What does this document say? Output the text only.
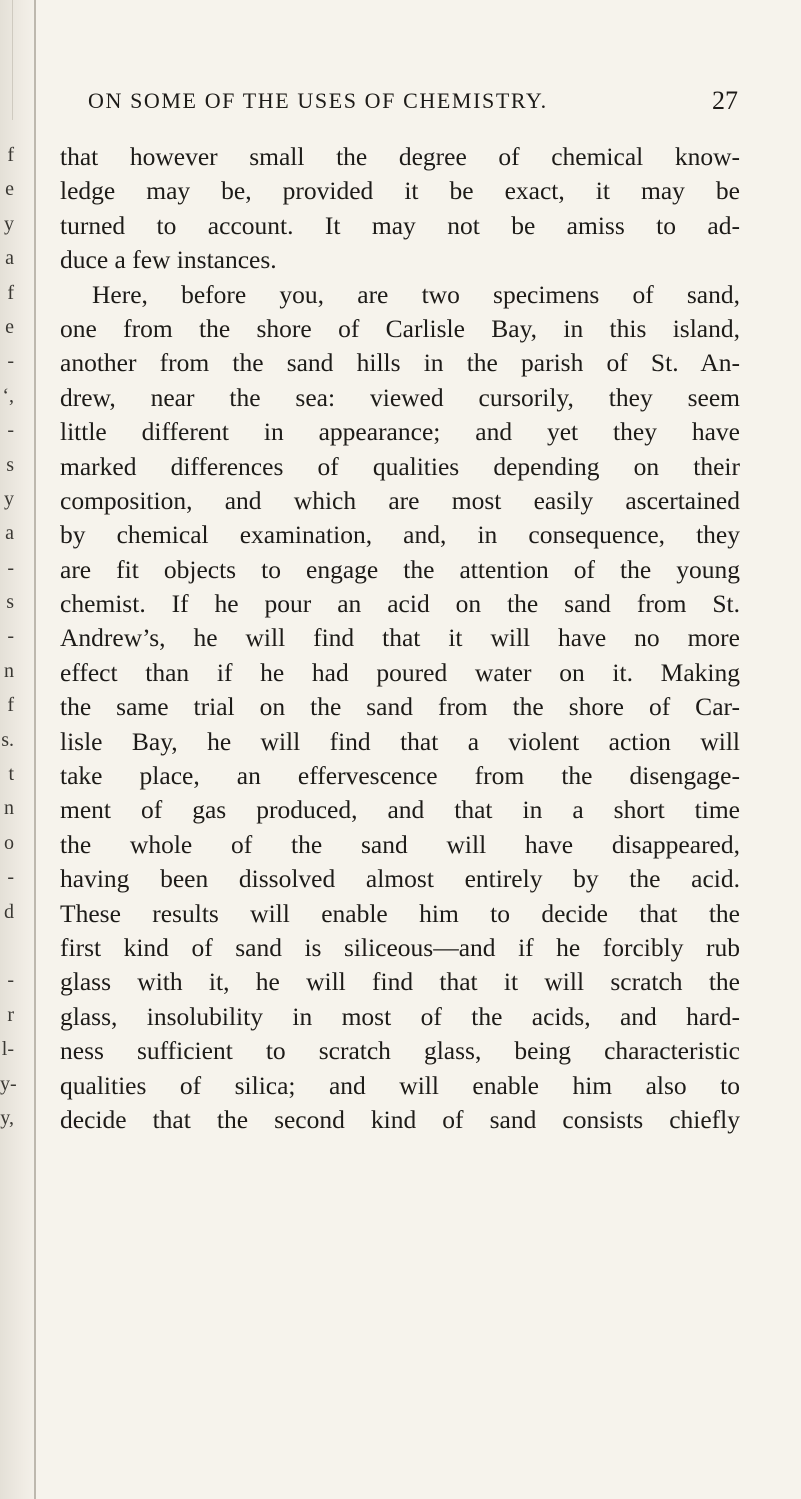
f
e
y
a
f
e
-
‘,
-
s
y
a
-
s
-
n
f
s.
t
n
o
-
d
-
r
l-
y-
y,
ON SOME OF THE USES OF CHEMISTRY.	27
that however small the degree of chemical know-
ledge may be, provided it be exact, it may be
turned to account. It may not be amiss to ad-
duce a few instances.
Here, before you, are two specimens of sand,
one from the shore of Carlisle Bay, in this island,
another from the sand hills in the parish of St. An-
drew, near the sea: viewed cursorily, they seem
little different in appearance; and yet they have
marked differences of qualities depending on their
composition, and which are most easily ascertained
by chemical examination, and, in consequence, they
are fit objects to engage the attention of the young
chemist. If he pour an acid on the sand from St.
Andrew’s, he will find that it will have no more
effect than if he had poured water on it. Making
the same trial on the sand from the shore of Car-
lisle Bay, he will find that a violent action will
take place, an effervescence from the disengage-
ment of gas produced, and that in a short time
the whole of the sand will have disappeared,
having been dissolved almost entirely by the acid.
These results will enable him to decide that the
first kind of sand is siliceous—and if he forcibly rub
glass with it, he will find that it will scratch the
glass, insolubility in most of the acids, and hard-
ness sufficient to scratch glass, being characteristic
qualities of silica; and will enable him also to
decide that the second kind of sand consists chiefly
